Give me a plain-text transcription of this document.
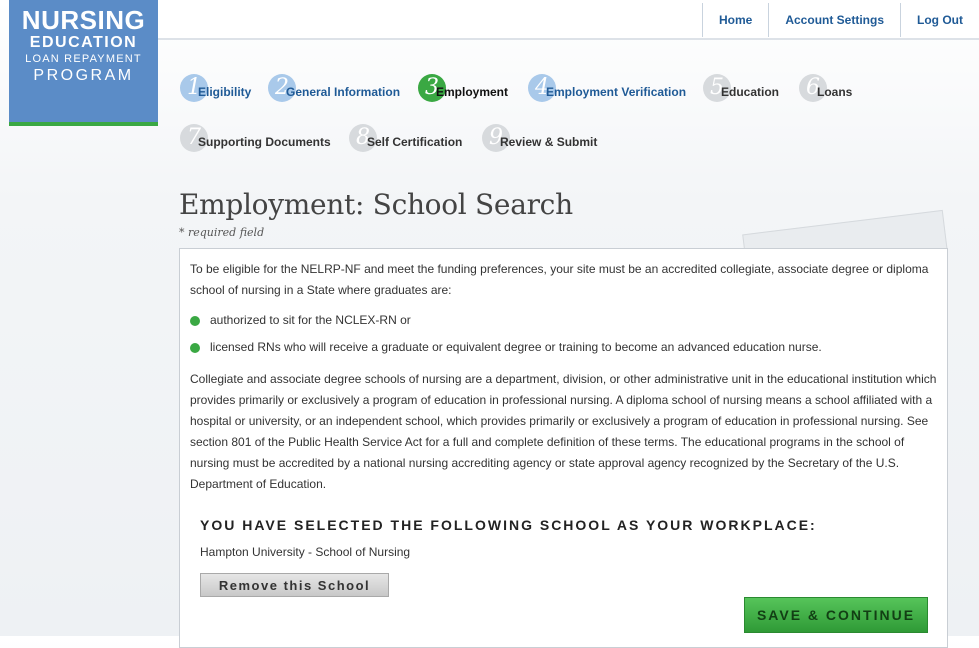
NURSING
EDUCATION
LOAN REPAYMENT
PROGRAM
Home	Account Settings	Log Out
1
Eligibility	2
General Information	3
Employment	4
Employment Verification	5
Education	6
Loans
7
Supporting Documents	8
Self Certification	9
Review & Submit
Employment: School Search
* required field

To be eligible for the NELRP-NF and meet the funding preferences, your site must be an accredited collegiate, associate degree or diploma school of nursing in a State where graduates are:

authorized to sit for the NCLEX-RN or
licensed RNs who will receive a graduate or equivalent degree or training to become an advanced education nurse.

Collegiate and associate degree schools of nursing are a department, division, or other administrative unit in the educational institution which provides primarily or exclusively a program of education in professional nursing. A diploma school of nursing means a school affiliated with a hospital or university, or an independent school, which provides primarily or exclusively a program of education in professional nursing. See section 801 of the Public Health Service Act for a full and complete definition of these terms. The educational programs in the school of nursing must be accredited by a national nursing accrediting agency or state approval agency recognized by the Secretary of the U.S. Department of Education.

YOU HAVE SELECTED THE FOLLOWING SCHOOL AS YOUR WORKPLACE:
Hampton University - School of Nursing
Remove this School
SAVE & CONTINUE
